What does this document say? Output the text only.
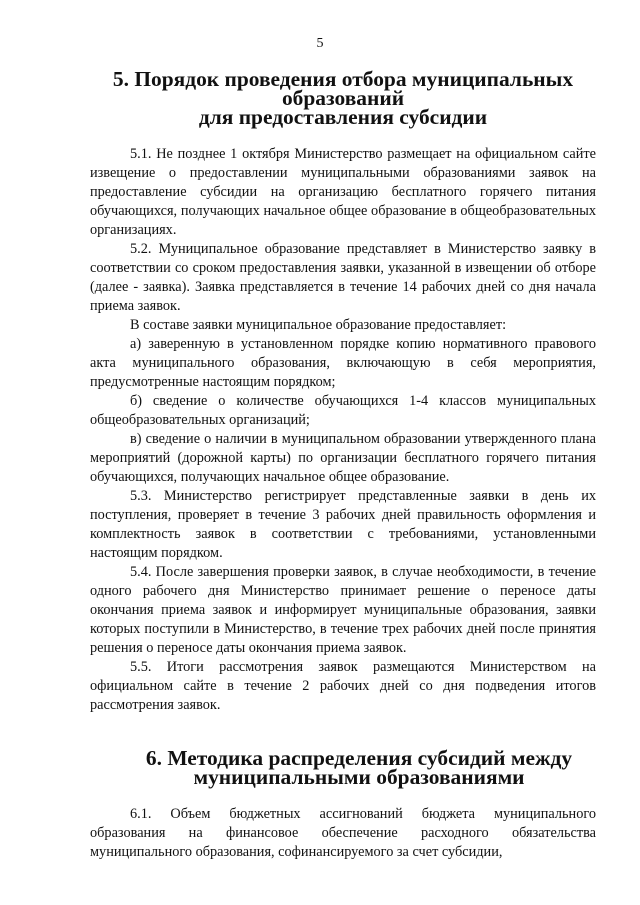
5
5. Порядок проведения отбора муниципальных образований
для предоставления субсидии

5.1. Не позднее 1 октября Министерство размещает на официальном сайте извещение о предоставлении муниципальными образованиями заявок на предоставление субсидии на организацию бесплатного горячего питания обучающихся, получающих начальное общее образование в общеобразовательных организациях.

5.2. Муниципальное образование представляет в Министерство заявку в соответствии со сроком предоставления заявки, указанной в извещении об отборе (далее - заявка). Заявка представляется в течение 14 рабочих дней со дня начала приема заявок.

В составе заявки муниципальное образование предоставляет:

а) заверенную в установленном порядке копию нормативного правового акта муниципального образования, включающую в себя мероприятия, предусмотренные настоящим порядком;

б) сведение о количестве обучающихся 1-4 классов муниципальных общеобразовательных организаций;

в) сведение о наличии в муниципальном образовании утвержденного плана мероприятий (дорожной карты) по организации бесплатного горячего питания обучающихся, получающих начальное общее образование.

5.3. Министерство регистрирует представленные заявки в день их поступления, проверяет в течение 3 рабочих дней правильность оформления и комплектность заявок в соответствии с требованиями, установленными настоящим порядком.

5.4. После завершения проверки заявок, в случае необходимости, в течение одного рабочего дня Министерство принимает решение о переносе даты окончания приема заявок и информирует муниципальные образования, заявки которых поступили в Министерство, в течение трех рабочих дней после принятия решения о переносе даты окончания приема заявок.

5.5. Итоги рассмотрения заявок размещаются Министерством на официальном сайте в течение 2 рабочих дней со дня подведения итогов рассмотрения заявок.

6. Методика распределения субсидий между
муниципальными образованиями

6.1. Объем бюджетных ассигнований бюджета муниципального образования на финансовое обеспечение расходного обязательства муниципального образования, софинансируемого за счет субсидии,
